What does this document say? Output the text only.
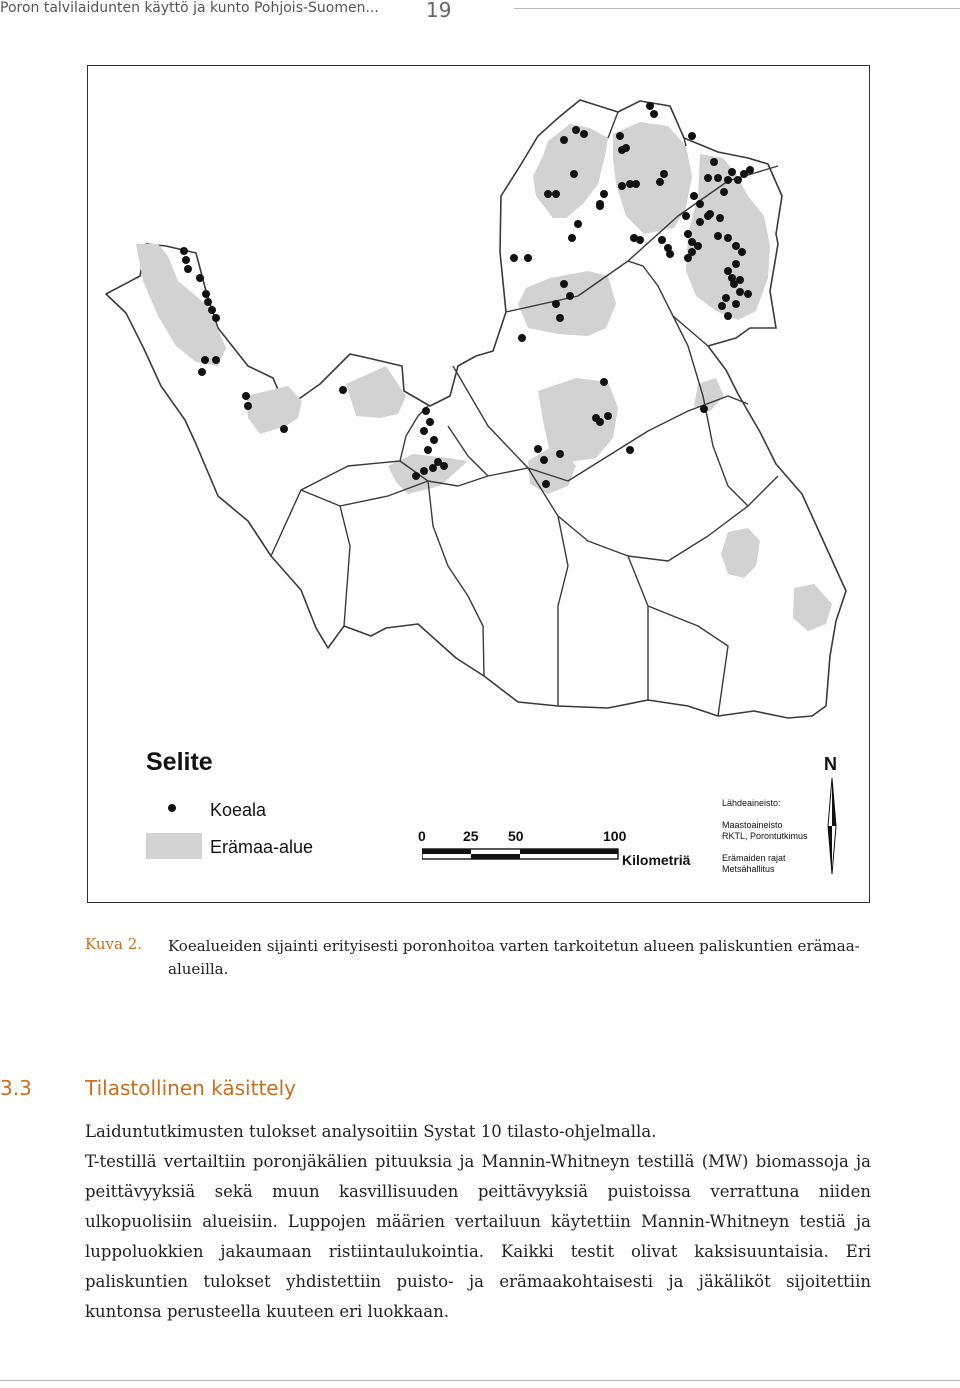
Poron talvilaidunten käyttö ja kunto Pohjois-Suomen... 19
Selite
Koeala
Erämaa-alue
0	25 50	100
Kilometriä
Lähdeaineisto:
Maastoaineisto
RKTL, Porontutkimus
Erämaiden rajat
Metsähallitus
N
Kuva 2. Koealueiden sijainti erityisesti poronhoitoa varten tarkoitetun alueen paliskuntien erämaa-alueilla.
3.3	Tilastollinen käsittely
Laiduntutkimusten tulokset analysoitiin Systat 10 tilasto-ohjelmalla.
T-testillä vertailtiin poronjäkälien pituuksia ja Mannin-Whitneyn testillä (MW) biomassoja ja peittävyyksiä sekä muun kasvillisuuden peittävyyksiä puistoissa verrattuna niiden ulkopuolisiin alueisiin. Luppojen määrien vertailuun käytettiin Mannin-Whitneyn testiä ja luppoluokkien jakaumaan ristiintaulukointia. Kaikki testit olivat kaksisuuntaisia. Eri paliskuntien tulokset yhdistettiin puisto- ja erämaakohtaisesti ja jäkäliköt sijoitettiin kuntonsa perusteella kuuteen eri luokkaan.
